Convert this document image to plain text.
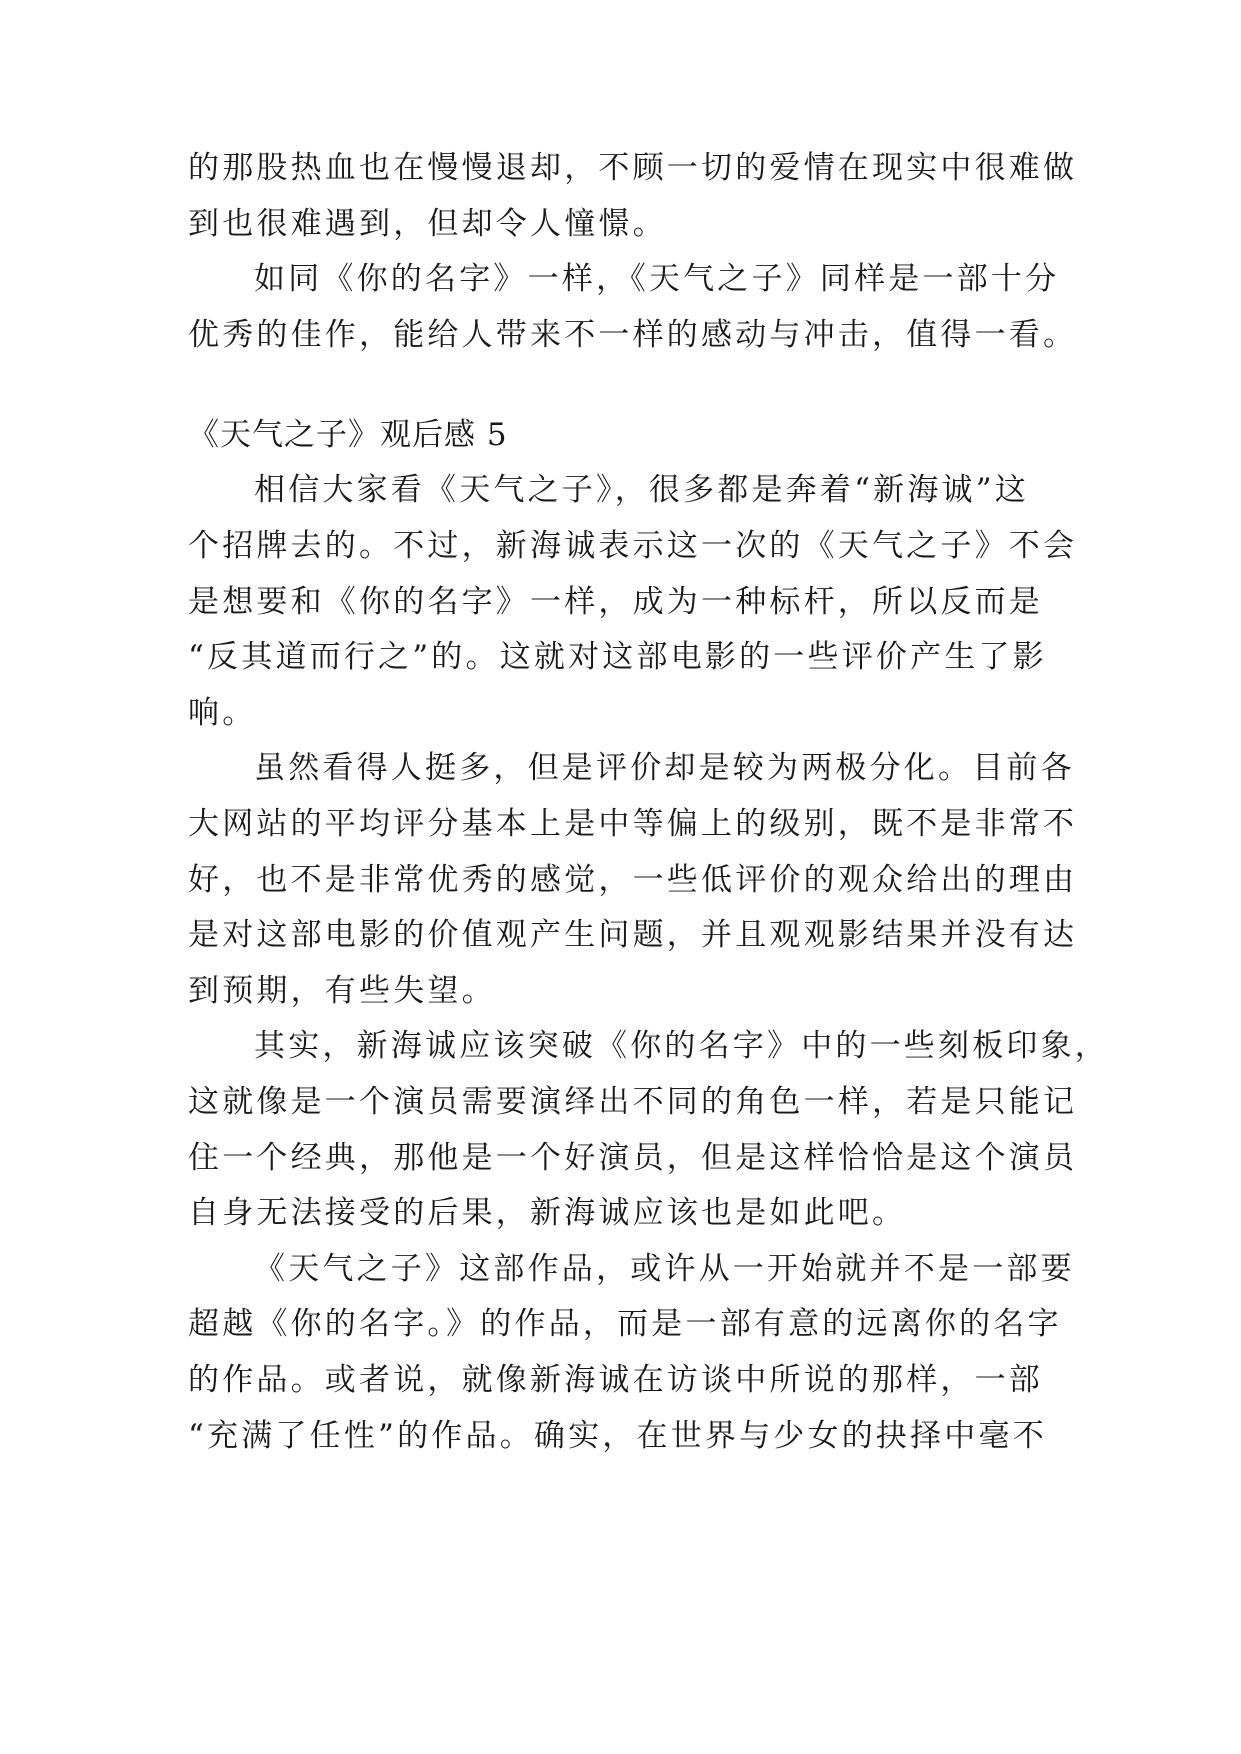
的那股热血也在慢慢退却，不顾一切的爱情在现实中很难做
到也很难遇到，但却令人憧憬。
如同《你的名字》一样，《天气之子》同样是一部十分
优秀的佳作，能给人带来不一样的感动与冲击，值得一看。
《天气之子》观后感 5
相信大家看《天气之子》，很多都是奔着“新海诚”这
个招牌去的。不过，新海诚表示这一次的《天气之子》不会
是想要和《你的名字》一样，成为一种标杆，所以反而是
“反其道而行之”的。这就对这部电影的一些评价产生了影
响。
虽然看得人挺多，但是评价却是较为两极分化。目前各
大网站的平均评分基本上是中等偏上的级别，既不是非常不
好，也不是非常优秀的感觉，一些低评价的观众给出的理由
是对这部电影的价值观产生问题，并且观观影结果并没有达
到预期，有些失望。
其实，新海诚应该突破《你的名字》中的一些刻板印象，
这就像是一个演员需要演绎出不同的角色一样，若是只能记
住一个经典，那他是一个好演员，但是这样恰恰是这个演员
自身无法接受的后果，新海诚应该也是如此吧。
《天气之子》这部作品，或许从一开始就并不是一部要
超越《你的名字。》的作品，而是一部有意的远离你的名字
的作品。或者说，就像新海诚在访谈中所说的那样，一部
“充满了任性”的作品。确实，在世界与少女的抉择中毫不
